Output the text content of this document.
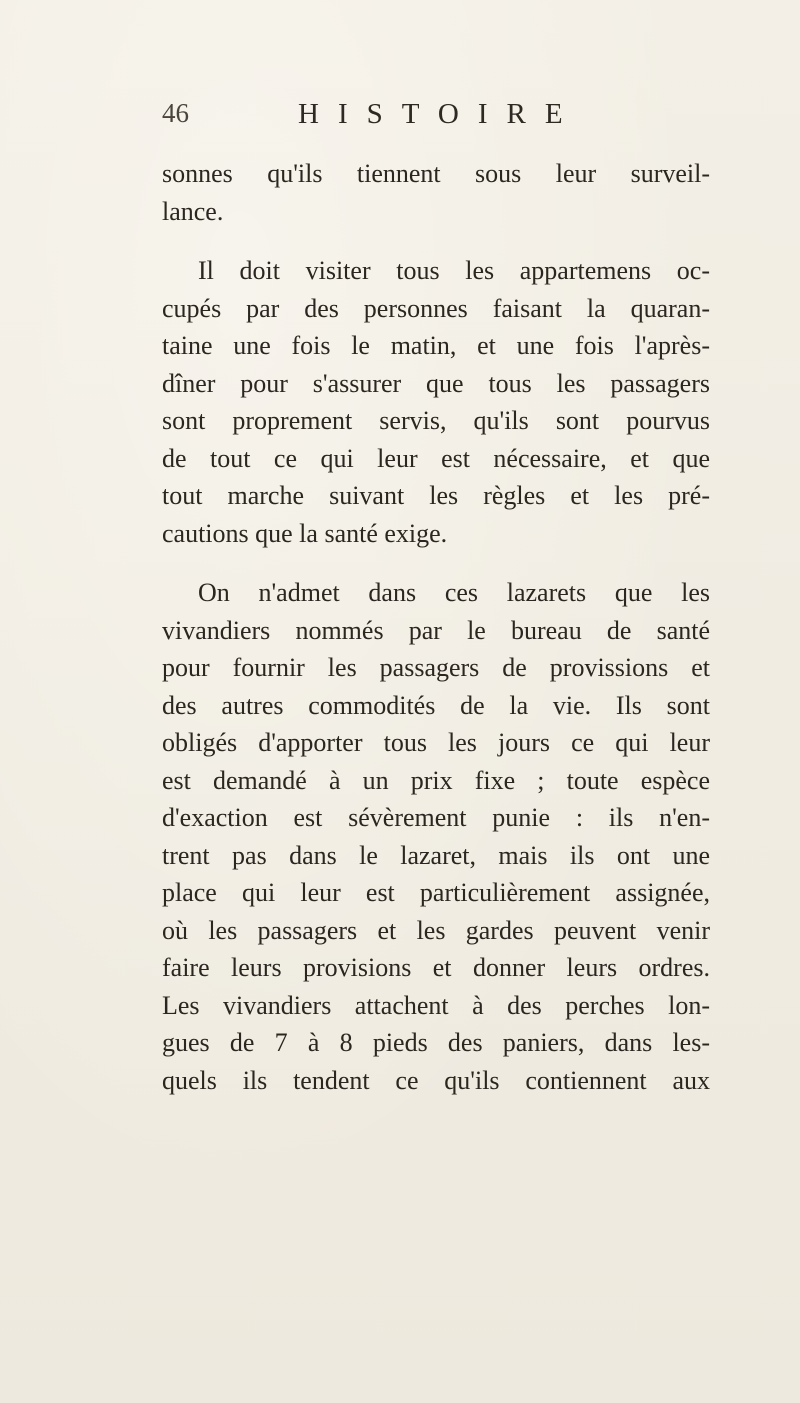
46	HISTOIRE
sonnes qu'ils tiennent sous leur surveil-
lance.
Il doit visiter tous les appartemens oc-
cupés par des personnes faisant la quaran-
taine une fois le matin, et une fois l'après-
dîner pour s'assurer que tous les passagers
sont proprement servis, qu'ils sont pourvus
de tout ce qui leur est nécessaire, et que
tout marche suivant les règles et les pré-
cautions que la santé exige.
On n'admet dans ces lazarets que les
vivandiers nommés par le bureau de santé
pour fournir les passagers de provissions et
des autres commodités de la vie. Ils sont
obligés d'apporter tous les jours ce qui leur
est demandé à un prix fixe ; toute espèce
d'exaction est sévèrement punie : ils n'en-
trent pas dans le lazaret, mais ils ont une
place qui leur est particulièrement assignée,
où les passagers et les gardes peuvent venir
faire leurs provisions et donner leurs ordres.
Les vivandiers attachent à des perches lon-
gues de 7 à 8 pieds des paniers, dans les-
quels ils tendent ce qu'ils contiennent aux
